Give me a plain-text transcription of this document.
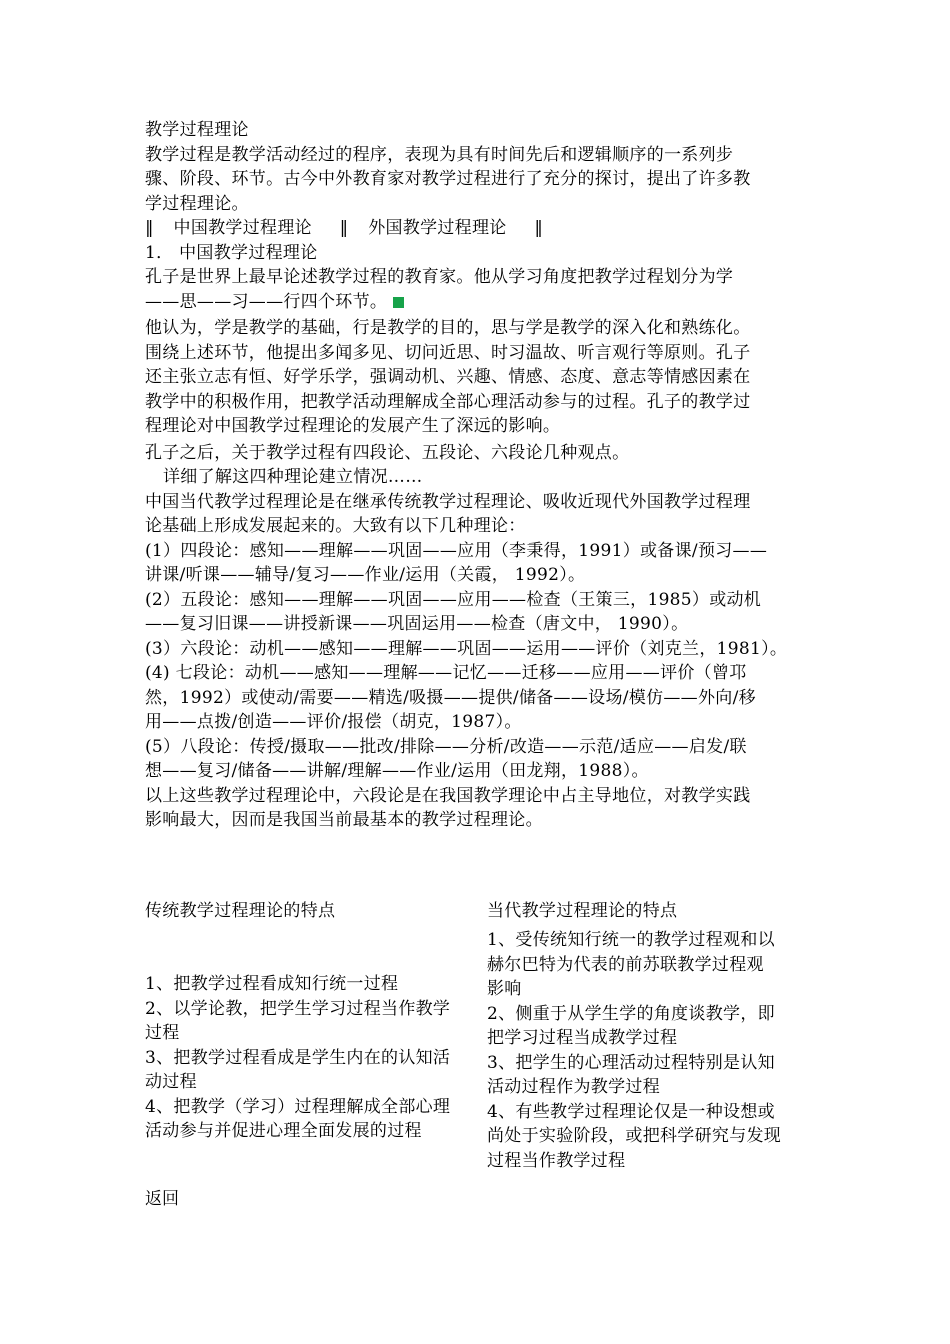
教学过程理论
教学过程是教学活动经过的程序，表现为具有时间先后和逻辑顺序的一系列步
骤、阶段、环节。古今中外教育家对教学过程进行了充分的探讨，提出了许多教
学过程理论。
‖ 中国教学过程理论 ‖ 外国教学过程理论 ‖
1． 中国教学过程理论
孔子是世界上最早论述教学过程的教育家。他从学习角度把教学过程划分为学
——思——习——行四个环节。
他认为，学是教学的基础，行是教学的目的，思与学是教学的深入化和熟练化。
围绕上述环节，他提出多闻多见、切问近思、时习温故、听言观行等原则。孔子
还主张立志有恒、好学乐学，强调动机、兴趣、情感、态度、意志等情感因素在
教学中的积极作用，把教学活动理解成全部心理活动参与的过程。孔子的教学过
程理论对中国教学过程理论的发展产生了深远的影响。
孔子之后，关于教学过程有四段论、五段论、六段论几种观点。
详细了解这四种理论建立情况……
中国当代教学过程理论是在继承传统教学过程理论、吸收近现代外国教学过程理
论基础上形成发展起来的。大致有以下几种理论：
(1）四段论：感知——理解——巩固——应用（李秉得，1991）或备课/预习——
讲课/听课——辅导/复习——作业/运用（关霞， 1992）。
(2）五段论：感知——理解——巩固——应用——检查（王策三，1985）或动机
——复习旧课——讲授新课——巩固运用——检查（唐文中， 1990）。
(3）六段论：动机——感知——理解——巩固——运用——评价（刘克兰，1981）。
(4) 七段论：动机——感知——理解——记忆——迁移——应用——评价（曾邛
然，1992）或使动/需要——精选/吸摄——提供/储备——设场/模仿——外向/移
用——点拨/创造——评价/报偿（胡克，1987）。
(5）八段论：传授/摄取——批改/排除——分析/改造——示范/适应——启发/联
想——复习/储备——讲解/理解——作业/运用（田龙翔，1988）。
以上这些教学过程理论中，六段论是在我国教学理论中占主导地位，对教学实践
影响最大，因而是我国当前最基本的教学过程理论。
传统教学过程理论的特点
1、把教学过程看成知行统一过程
2、以学论教，把学生学习过程当作教学
过程
3、把教学过程看成是学生内在的认知活
动过程
4、把教学（学习）过程理解成全部心理
活动参与并促进心理全面发展的过程
当代教学过程理论的特点
1、受传统知行统一的教学过程观和以
赫尔巴特为代表的前苏联教学过程观
影响
2、侧重于从学生学的角度谈教学，即
把学习过程当成教学过程
3、把学生的心理活动过程特别是认知
活动过程作为教学过程
4、有些教学过程理论仅是一种设想或
尚处于实验阶段，或把科学研究与发现
过程当作教学过程
返回
